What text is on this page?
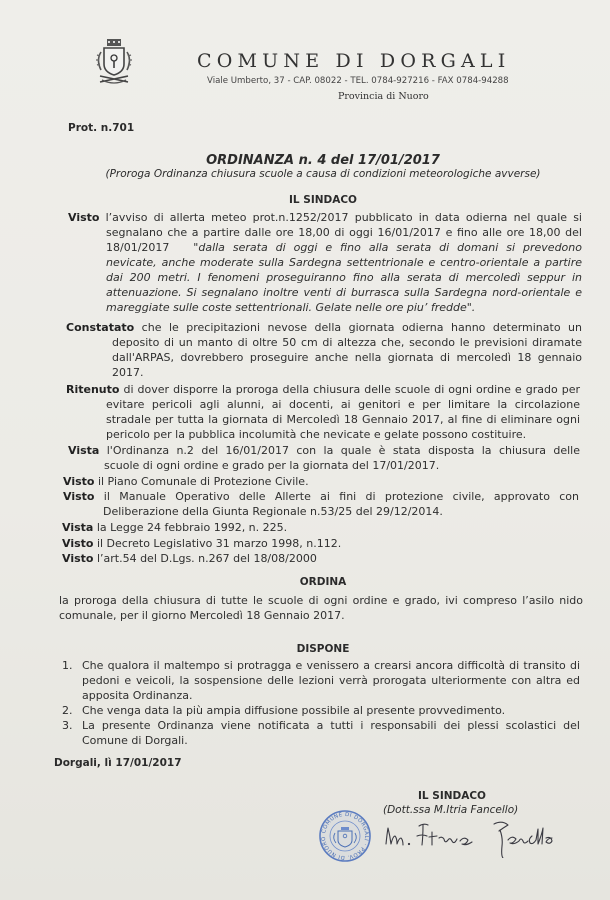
COMUNE DI DORGALI
Viale Umberto, 37 - CAP. 08022 - TEL. 0784-927216 - FAX 0784-94288
Provincia di Nuoro
Prot. n.701
ORDINANZA n. 4 del 17/01/2017
(Proroga Ordinanza chiusura scuole a causa di condizioni meteorologiche avverse)
IL SINDACO
Visto l’avviso di allerta meteo prot.n.1252/2017 pubblicato in data odierna nel quale si
segnalano che a partire dalle ore 18,00 di oggi 16/01/2017 e fino alle ore 18,00 del
18/01/2017 "dalla serata di oggi e fino alla serata di domani si prevedono
nevicate, anche moderate sulla Sardegna settentrionale e centro-orientale a partire
dai 200 metri. I fenomeni proseguiranno fino alla serata di mercoledì seppur in
attenuazione. Si segnalano inoltre venti di burrasca sulla Sardegna nord-orientale e
mareggiate sulle coste settentrionali. Gelate nelle ore piu’ fredde".
Constatato che le precipitazioni nevose della giornata odierna hanno determinato un
deposito di un manto di oltre 50 cm di altezza che, secondo le previsioni diramate
dall'ARPAS, dovrebbero proseguire anche nella giornata di mercoledì 18 gennaio
2017.
Ritenuto di dover disporre la proroga della chiusura delle scuole di ogni ordine e grado per
evitare pericoli agli alunni, ai docenti, ai genitori e per limitare la circolazione
stradale per tutta la giornata di Mercoledì 18 Gennaio 2017, al fine di eliminare ogni
pericolo per la pubblica incolumità che nevicate e gelate possono costituire.
Vista l'Ordinanza n.2 del 16/01/2017 con la quale è stata disposta la chiusura delle
scuole di ogni ordine e grado per la giornata del 17/01/2017.
Visto il Piano Comunale di Protezione Civile.
Visto il Manuale Operativo delle Allerte ai fini di protezione civile, approvato con
Deliberazione della Giunta Regionale n.53/25 del 29/12/2014.
Vista la Legge 24 febbraio 1992, n. 225.
Visto il Decreto Legislativo 31 marzo 1998, n.112.
Visto l’art.54 del D.Lgs. n.267 del 18/08/2000
ORDINA
la proroga della chiusura di tutte le scuole di ogni ordine e grado, ivi compreso l’asilo nido
comunale, per il giorno Mercoledì 18 Gennaio 2017.
DISPONE
1. Che qualora il maltempo si protragga e venissero a crearsi ancora difficoltà di transito di
pedoni e veicoli, la sospensione delle lezioni verrà prorogata ulteriormente con altra ed
apposita Ordinanza.
2. Che venga data la più ampia diffusione possibile al presente provvedimento.
3. La presente Ordinanza viene notificata a tutti i responsabili dei plessi scolastici del
Comune di Dorgali.
Dorgali, lì 17/01/2017
IL SINDACO
(Dott.ssa M.Itria Fancello)
COMUNE DI DORGALI · PROV. DI NUORO
